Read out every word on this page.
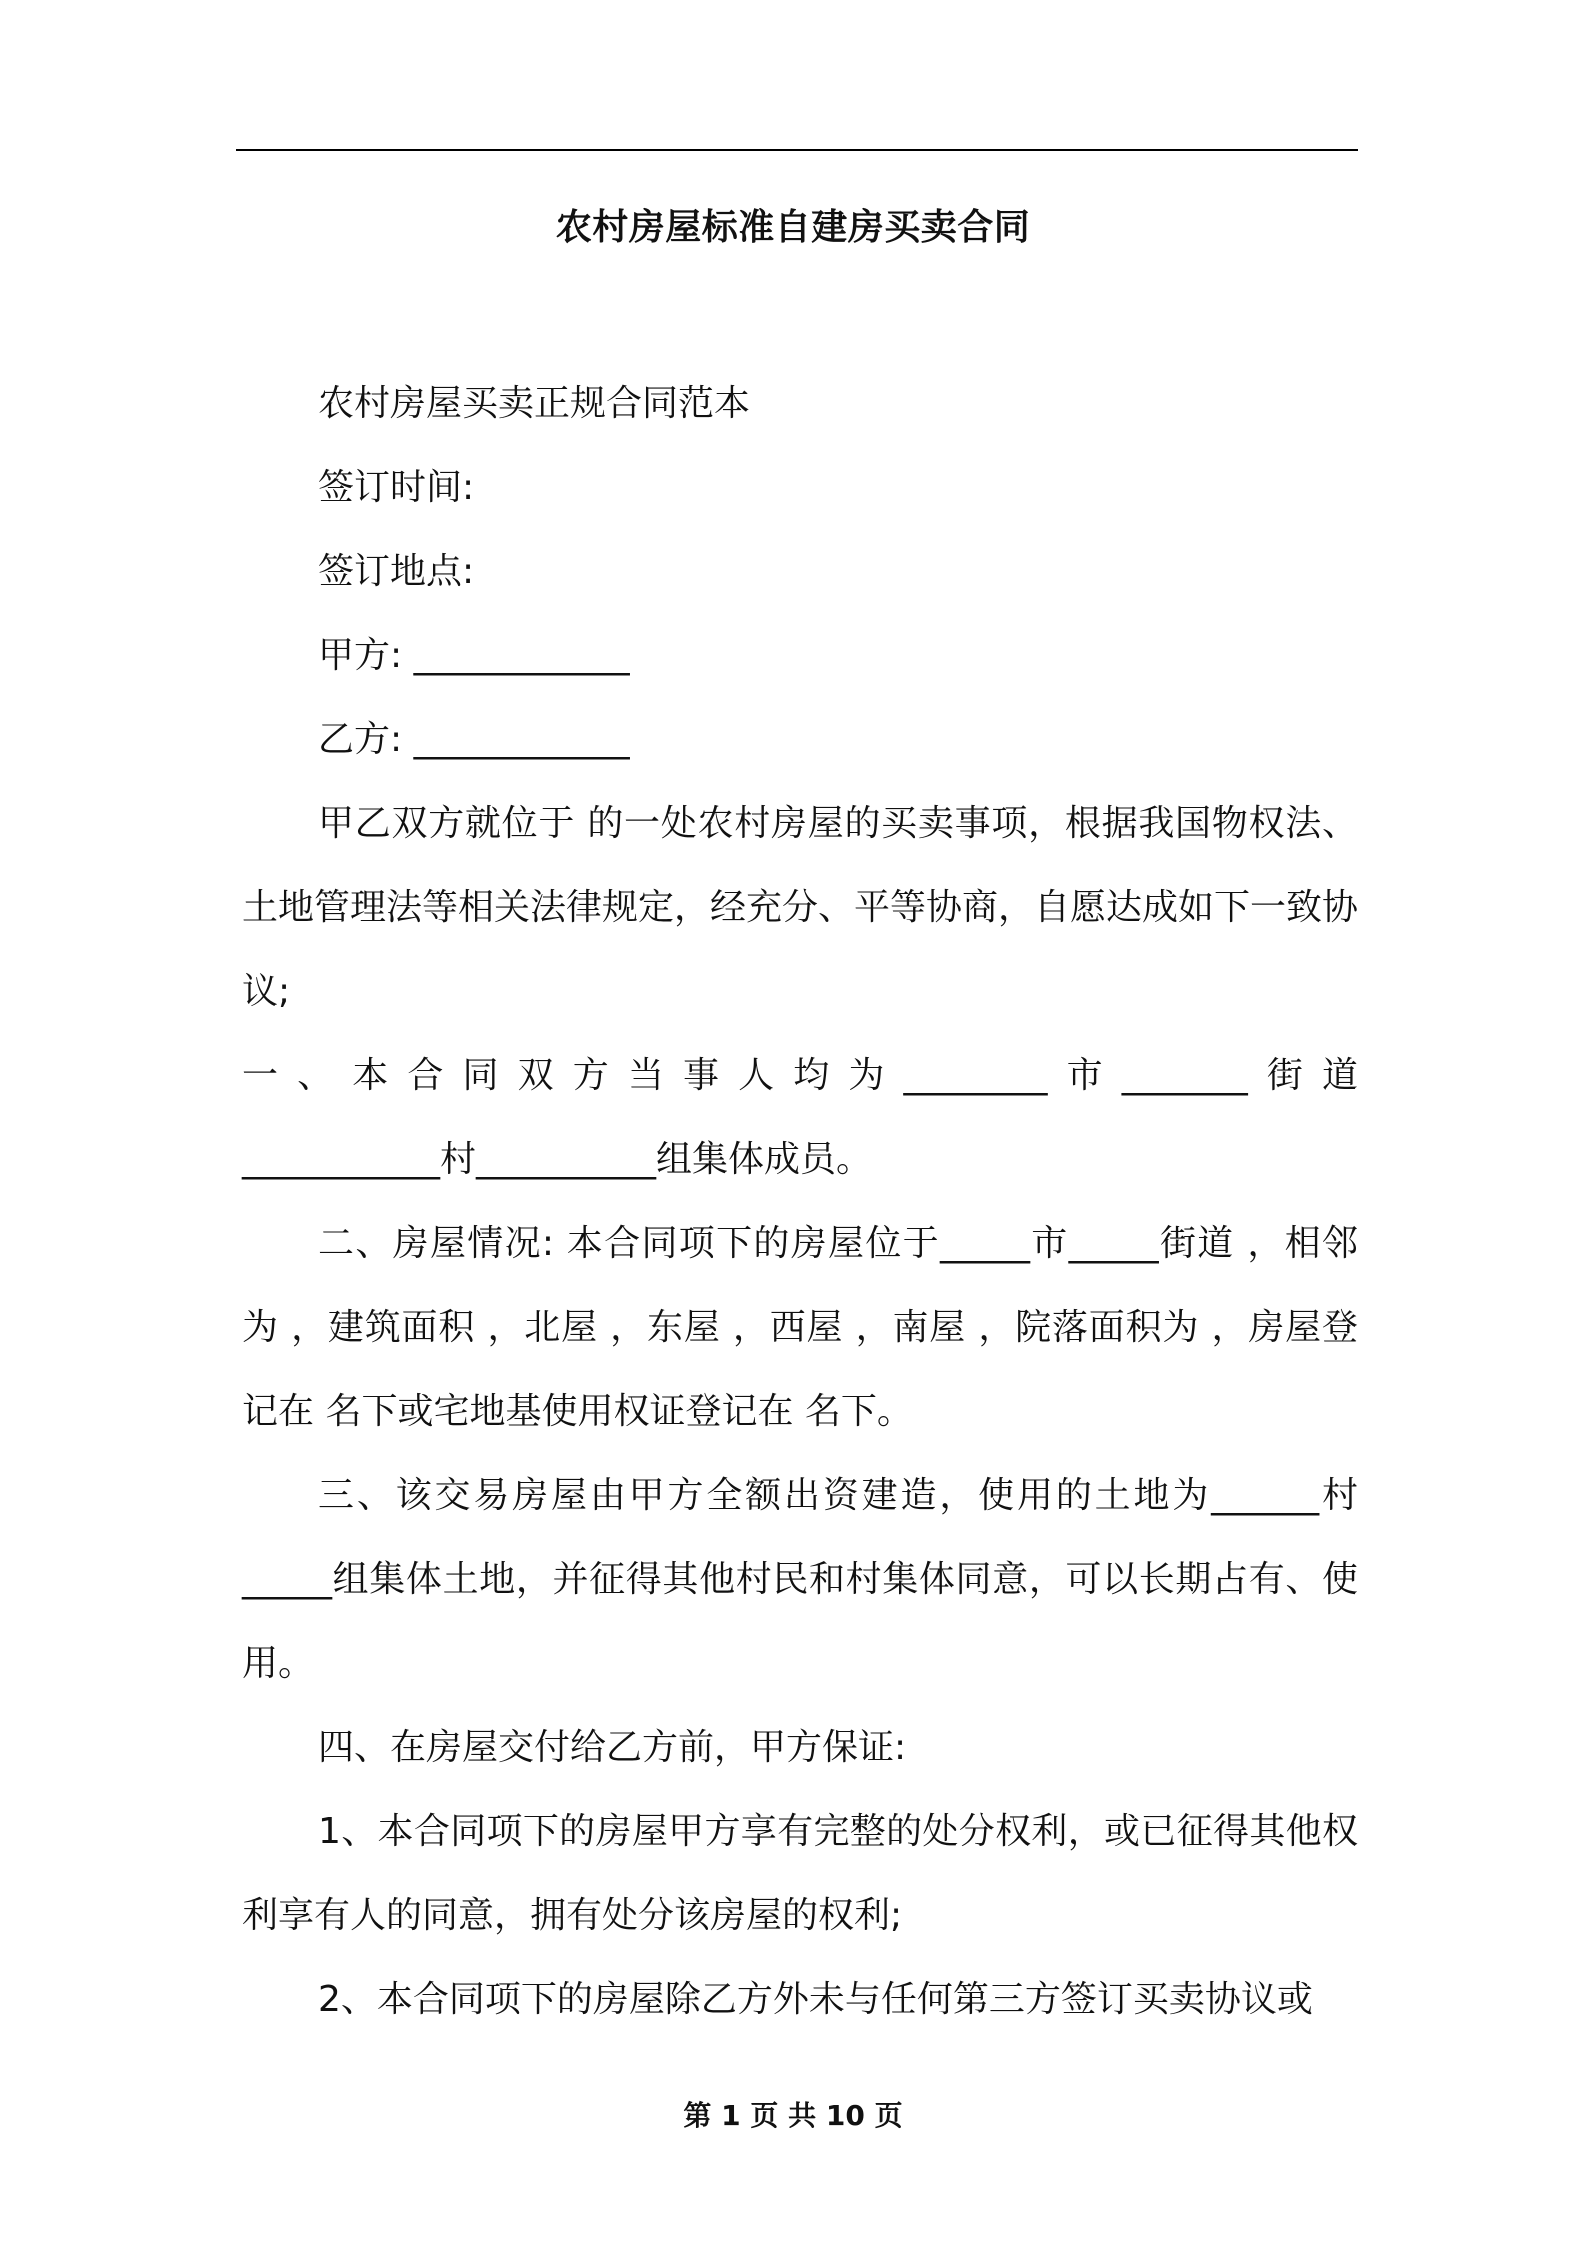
农村房屋标准自建房买卖合同

农村房屋买卖正规合同范本

签订时间:

签订地点:

甲方: ____________

乙方: ____________

甲乙双方就位于 的一处农村房屋的买卖事项，根据我国物权法、土地管理法等相关法律规定，经充分、平等协商，自愿达成如下一致协议;

一、本合同双方当事人均为________市_______街道

___________村__________组集体成员。

二、房屋情况: 本合同项下的房屋位于_____市_____街道 ，相邻为 ，建筑面积 ，北屋 ，东屋 ，西屋 ，南屋 ，院落面积为 ，房屋登记在 名下或宅地基使用权证登记在 名下。

三、该交易房屋由甲方全额出资建造，使用的土地为______村_____组集体土地，并征得其他村民和村集体同意，可以长期占有、使用。

四、在房屋交付给乙方前，甲方保证:

1、本合同项下的房屋甲方享有完整的处分权利，或已征得其他权利享有人的同意，拥有处分该房屋的权利;

2、本合同项下的房屋除乙方外未与任何第三方签订买卖协议或

第 1 页 共 10 页
